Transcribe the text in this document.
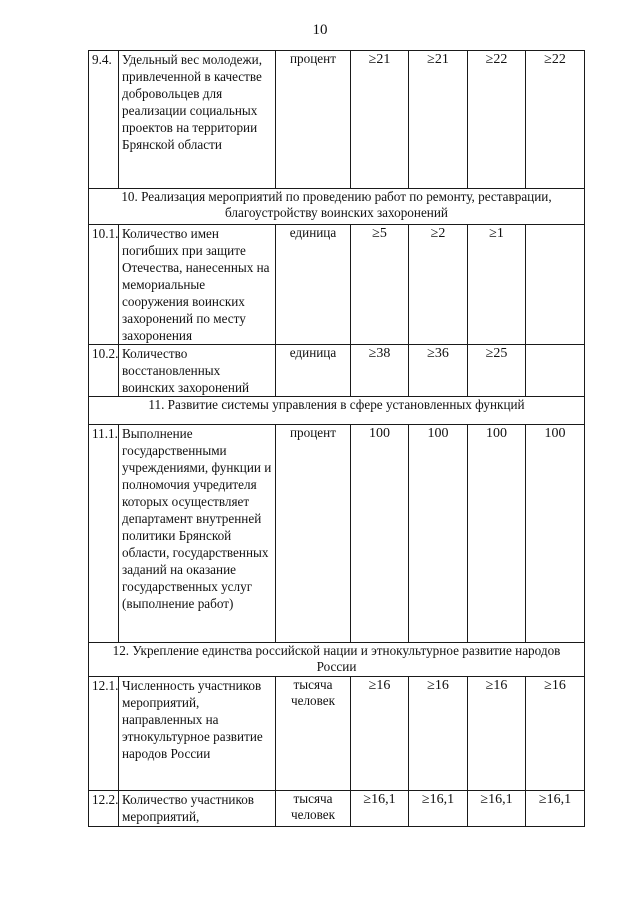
10
9.4.	Удельный вес молодежи, привлеченной в качестве добровольцев для реализации социальных проектов на территории Брянской области	процент	≥21	≥21	≥22	≥22
10. Реализация мероприятий по проведению работ по ремонту, реставрации, благоустройству воинских захоронений						
10.1.	Количество имен погибших при защите Отечества, нанесенных на мемориальные сооружения воинских захоронений по месту захоронения	единица	≥5	≥2	≥1	
10.2.	Количество восстановленных воинских захоронений	единица	≥38	≥36	≥25	
11. Развитие системы управления в сфере установленных функций						
11.1.	Выполнение государственными учреждениями, функции и полномочия учредителя которых осуществляет департамент внутренней политики Брянской области, государственных заданий на оказание государственных услуг (выполнение работ)	процент	100	100	100	100
12. Укрепление единства российской нации и этнокультурное развитие народов России						
12.1.	Численность участников мероприятий, направленных на этнокультурное развитие народов России	тысяча человек	≥16	≥16	≥16	≥16
12.2.	Количество участников мероприятий,	тысяча человек	≥16,1	≥16,1	≥16,1	≥16,1
